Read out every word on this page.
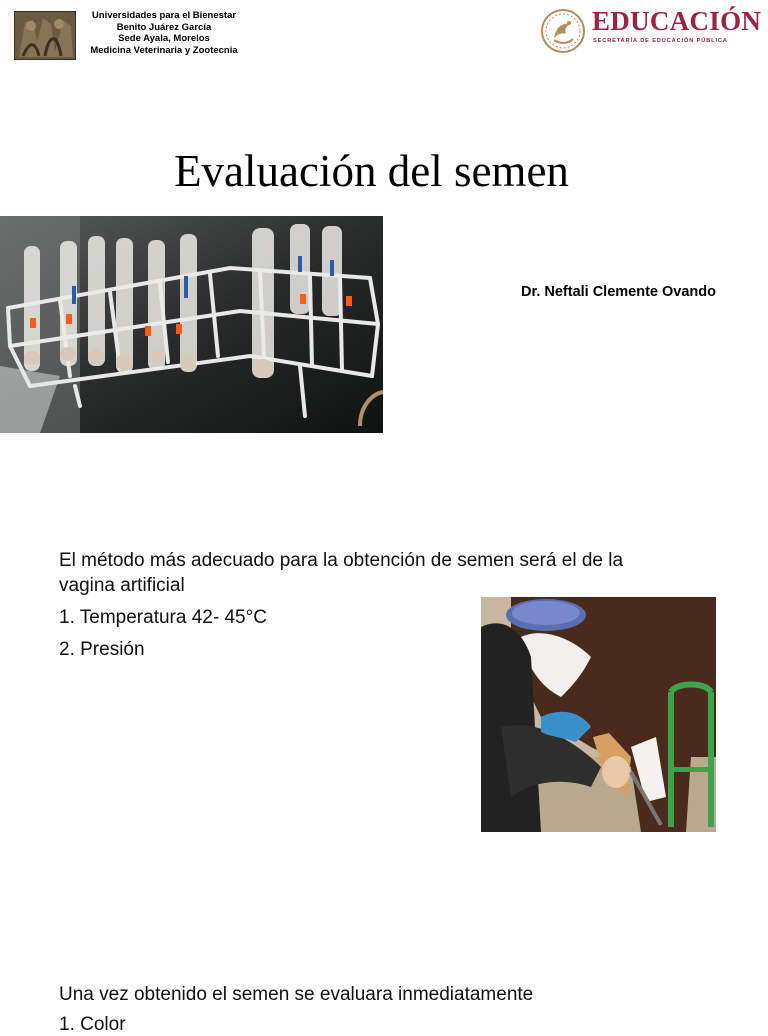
Universidades para el Bienestar
Benito Juárez García
Sede Ayala, Morelos
Medicina Veterinaria y Zootecnia
EDUCACIÓN
SECRETARÍA DE EDUCACIÓN PÚBLICA
Evaluación del semen
Dr. Neftali Clemente Ovando
El método más adecuado para la obtención de semen será el de la
vagina artificial
1. Temperatura 42- 45°C
2. Presión
Una vez obtenido el semen se evaluara inmediatamente
1. Color
